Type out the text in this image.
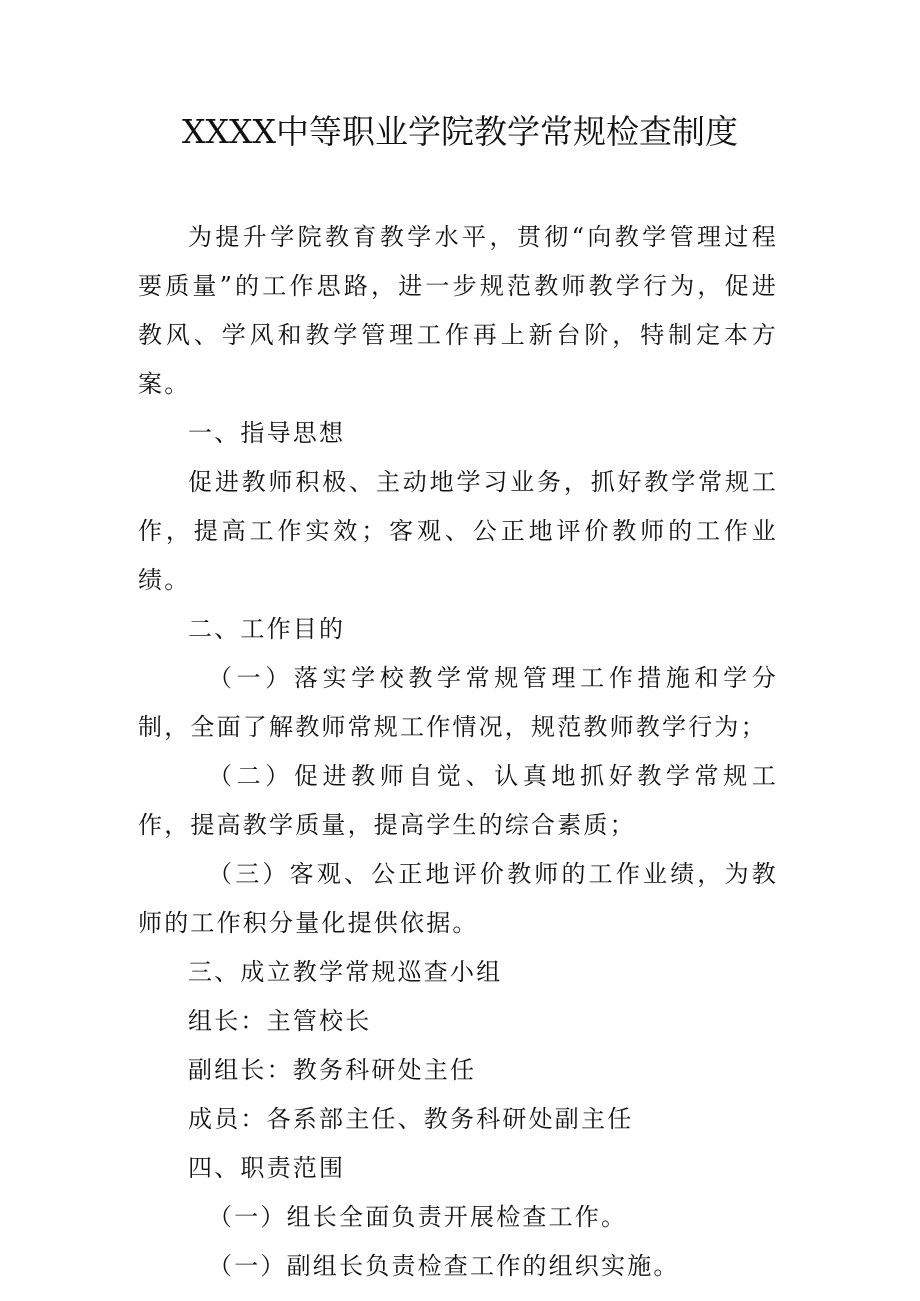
XXXX中等职业学院教学常规检查制度

为提升学院教育教学水平，贯彻“向教学管理过程要质量”的工作思路，进一步规范教师教学行为，促进教风、学风和教学管理工作再上新台阶，特制定本方案。

一、指导思想

促进教师积极、主动地学习业务，抓好教学常规工作，提高工作实效；客观、公正地评价教师的工作业绩。

二、工作目的

（一）落实学校教学常规管理工作措施和学分制，全面了解教师常规工作情况，规范教师教学行为；

（二）促进教师自觉、认真地抓好教学常规工作，提高教学质量，提高学生的综合素质；

（三）客观、公正地评价教师的工作业绩，为教师的工作积分量化提供依据。

三、成立教学常规巡查小组

组长：主管校长

副组长：教务科研处主任

成员：各系部主任、教务科研处副主任

四、职责范围

（一）组长全面负责开展检查工作。

（一）副组长负责检查工作的组织实施。
